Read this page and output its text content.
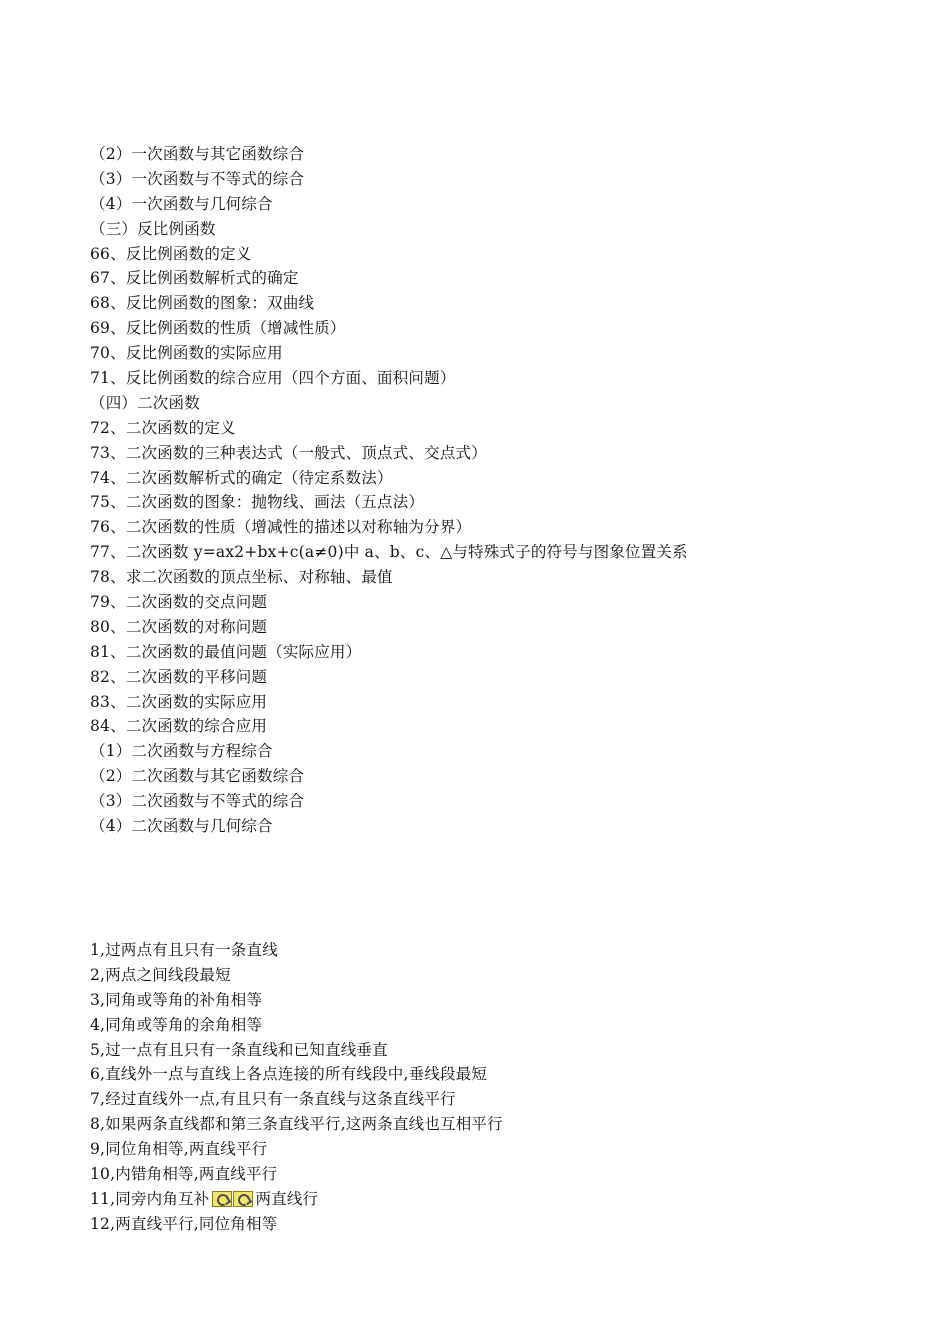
（2）一次函数与其它函数综合
（3）一次函数与不等式的综合
（4）一次函数与几何综合
（三）反比例函数
66、反比例函数的定义
67、反比例函数解析式的确定
68、反比例函数的图象：双曲线
69、反比例函数的性质（增减性质）
70、反比例函数的实际应用
71、反比例函数的综合应用（四个方面、面积问题）
（四）二次函数
72、二次函数的定义
73、二次函数的三种表达式（一般式、顶点式、交点式）
74、二次函数解析式的确定（待定系数法）
75、二次函数的图象：抛物线、画法（五点法）
76、二次函数的性质（增减性的描述以对称轴为分界）
77、二次函数 y=ax2+bx+c(a≠0)中 a、b、c、△与特殊式子的符号与图象位置关系
78、求二次函数的顶点坐标、对称轴、最值
79、二次函数的交点问题
80、二次函数的对称问题
81、二次函数的最值问题（实际应用）
82、二次函数的平移问题
83、二次函数的实际应用
84、二次函数的综合应用
（1）二次函数与方程综合
（2）二次函数与其它函数综合
（3）二次函数与不等式的综合
（4）二次函数与几何综合
1,过两点有且只有一条直线
2,两点之间线段最短
3,同角或等角的补角相等
4,同角或等角的余角相等
5,过一点有且只有一条直线和已知直线垂直
6,直线外一点与直线上各点连接的所有线段中,垂线段最短
7,经过直线外一点,有且只有一条直线与这条直线平行
8,如果两条直线都和第三条直线平行,这两条直线也互相平行
9,同位角相等,两直线平行
10,内错角相等,两直线平行
11,同旁内角互补	两直线行
12,两直线平行,同位角相等
